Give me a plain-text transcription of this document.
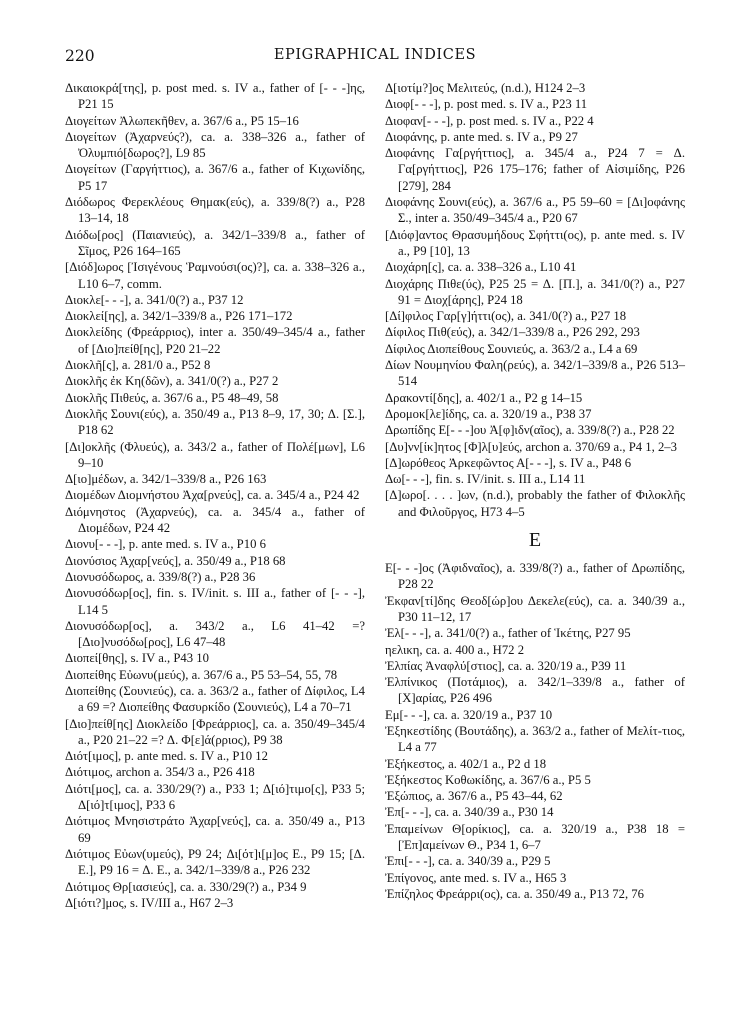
220	EPIGRAPHICAL INDICES

Δικαιοκρά[της], p. post med. s. IV a., father of [- - -]ης, P21 15

Διογείτων Ἀλωπεκῆθεν, a. 367/6 a., P5 15–16

Διογείτων (Ἀχαρνεύς?), ca. a. 338–326 a., father of Ὀλυμπιό[δωρος?], L9 85

Διογείτων (Γαργήττιος), a. 367/6 a., father of Κιχωνίδης, P5 17

Διόδωρος Φερεκλέους Θημακ(εύς), a. 339/8(?) a., P28 13–14, 18

Διόδω[ρος] (Παιανιεύς), a. 342/1–339/8 a., father of Σῖμος, P26 164–165

[Διόδ]ωρος [Ἰσιγένους Ῥαμνούσι(ος)?], ca. a. 338–326 a., L10 6–7, comm.

Διοκλε[- - -], a. 341/0(?) a., P37 12

Διοκλεί[ης], a. 342/1–339/8 a., P26 171–172

Διοκλείδης (Φρεάρριος), inter a. 350/49–345/4 a., father of [Διο]πείθ[ης], P20 21–22

Διοκλῆ[ς], a. 281/0 a., P52 8

Διοκλῆς ἐκ Κη(δῶν), a. 341/0(?) a., P27 2

Διοκλῆς Πιθεύς, a. 367/6 a., P5 48–49, 58

Διοκλῆς Σουνι(εύς), a. 350/49 a., P13 8–9, 17, 30; Δ. [Σ.], P18 62

[Δι]οκλῆς (Φλυεύς), a. 343/2 a., father of Πολέ[μων], L6 9–10

Δ[ιο]μέδων, a. 342/1–339/8 a., P26 163

Διομέδων Διομνήστου Ἀχα[ρνεύς], ca. a. 345/4 a., P24 42

Διόμνηστος (Ἀχαρνεύς), ca. a. 345/4 a., father of Διομέδων, P24 42

Διονυ[- - -], p. ante med. s. IV a., P10 6

Διονύσιος Ἀχαρ[νεύς], a. 350/49 a., P18 68

Διονυσόδωρος, a. 339/8(?) a., P28 36

Διονυσόδωρ[ος], fin. s. IV/init. s. III a., father of [- - -], L14 5

Διονυσόδωρ[ος], a. 343/2 a., L6 41–42 =? [Διο]νυσόδω[ρος], L6 47–48

Διοπεί[θης], s. IV a., P43 10

Διοπείθης Εὐωνυ(μεύς), a. 367/6 a., P5 53–54, 55, 78

Διοπείθης (Σουνιεύς), ca. a. 363/2 a., father of Δίφιλος, L4 a 69 =? Διοπείθης Φασυρκίδο (Σουνιεύς), L4 a 70–71

[Διο]πείθ[ης] Διοκλείδο [Φρεάρριος], ca. a. 350/49–345/4 a., P20 21–22 =? Δ. Φ[ε]ά(ρριος), P9 38

Διότ[ιμος], p. ante med. s. IV a., P10 12

Διότιμος, archon a. 354/3 a., P26 418

Διότι[μος], ca. a. 330/29(?) a., P33 1; Δ[ιό]τιμο[ς], P33 5; Δ[ιό]τ[ιμος], P33 6

Διότιμος Μνησιστράτο Ἀχαρ[νεύς], ca. a. 350/49 a., P13 69

Διότιμος Εὐων(υμεύς), P9 24; Δι[ότ]ι[μ]ος Ε., P9 15; [Δ. Ε.], P9 16 = Δ. Ε., a. 342/1–339/8 a., P26 232

Διότιμος Θρ[ιασιεύς], ca. a. 330/29(?) a., P34 9

Δ[ιότι?]μος, s. IV/III a., H67 2–3

Δ[ιοτίμ?]ος Μελιτεύς, (n.d.), H124 2–3

Διοφ[- - -], p. post med. s. IV a., P23 11

Διοφαν[- - -], p. post med. s. IV a., P22 4

Διοφάνης, p. ante med. s. IV a., P9 27

Διοφάνης Γα[ργήττιος], a. 345/4 a., P24 7 = Δ. Γα[ργήττιος], P26 175–176; father of Αἰσιμίδης, P26 [279], 284

Διοφάνης Σουνι(εύς), a. 367/6 a., P5 59–60 = [Δι]οφάνης Σ., inter a. 350/49–345/4 a., P20 67

[Διόφ]αντος Θρασυμήδους Σφήττι(ος), p. ante med. s. IV a., P9 [10], 13

Διοχάρη[ς], ca. a. 338–326 a., L10 41

Διοχάρης Πιθε(ύς), P25 25 = Δ. [Π.], a. 341/0(?) a., P27 91 = Διοχ[άρης], P24 18

[Δί]φιλος Γαρ[γ]ήττι(ος), a. 341/0(?) a., P27 18

Δίφιλος Πιθ(εύς), a. 342/1–339/8 a., P26 292, 293

Δίφιλος Διοπείθους Σουνιεύς, a. 363/2 a., L4 a 69

Δίων Νουμηνίου Φαλη(ρεύς), a. 342/1–339/8 a., P26 513–514

Δρακοντί[δης], a. 402/1 a., P2 g 14–15

Δρομοκ[λε]ίδης, ca. a. 320/19 a., P38 37

Δρωπίδης Ε[- - -]ου Ἀ[φ]ιδν(αῖος), a. 339/8(?) a., P28 22

[Δυ]νν[ίκ]ητος [Φ]λ[υ]εύς, archon a. 370/69 a., P4 1, 2–3

[Δ]ωρόθεος Ἀρκεφῶντος Α[- - -], s. IV a., P48 6

Δω[- - -], fin. s. IV/init. s. III a., L14 11

[Δ]ωρο[. . . . ]ων, (n.d.), probably the father of Φιλοκλῆς and Φιλοῦργος, H73 4–5

E

Ε[- - -]ος (Ἀφιδναῖος), a. 339/8(?) a., father of Δρωπίδης, P28 22

Ἐκφαν[τί]δης Θεοδ[ώρ]ου Δεκελε(εύς), ca. a. 340/39 a., P30 11–12, 17

Ἐλ[- - -], a. 341/0(?) a., father of Ἱκέτης, P27 95

ηελικη, ca. a. 400 a., H72 2

Ἐλπίας Ἀναφλύ[στιος], ca. a. 320/19 a., P39 11

Ἐλπίνικος (Ποτάμιος), a. 342/1–339/8 a., father of [Χ]αρίας, P26 496

Εμ[- - -], ca. a. 320/19 a., P37 10

Ἐξηκεστίδης (Βουτάδης), a. 363/2 a., father of Μελίτ-τιος, L4 a 77

Ἐξήκεστος, a. 402/1 a., P2 d 18

Ἐξήκεστος Κοθωκίδης, a. 367/6 a., P5 5

Ἐξώπιος, a. 367/6 a., P5 43–44, 62

Ἐπ[- - -], ca. a. 340/39 a., P30 14

Ἐπαμείνων Θ[ορίκιος], ca. a. 320/19 a., P38 18 = [Ἐπ]αμείνων Θ., P34 1, 6–7

Ἐπι[- - -], ca. a. 340/39 a., P29 5

Ἐπίγονος, ante med. s. IV a., H65 3

Ἐπίζηλος Φρεάρρι(ος), ca. a. 350/49 a., P13 72, 76
